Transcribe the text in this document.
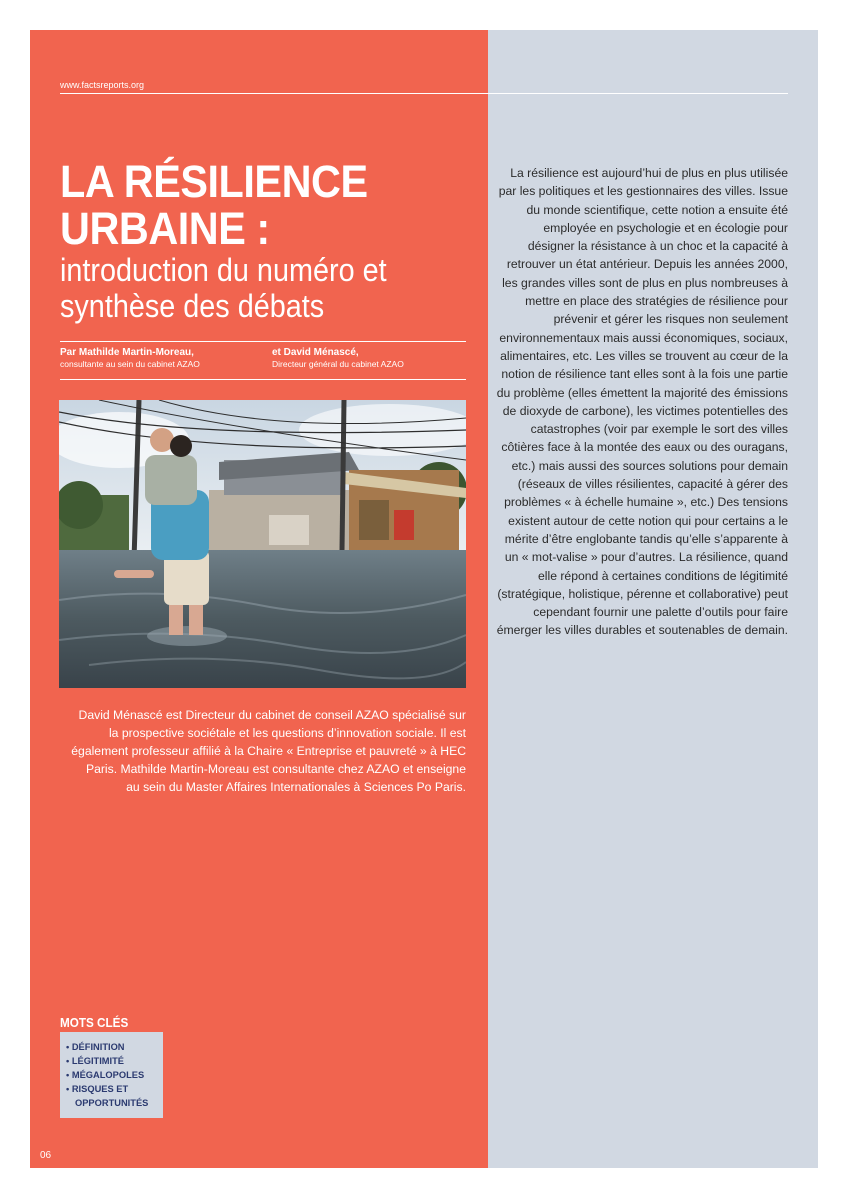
www.factsreports.org
LA RÉSILIENCE URBAINE :
introduction du numéro et synthèse des débats
Par Mathilde Martin-Moreau,
consultante au sein du cabinet AZAO
et David Ménascé,
Directeur général du cabinet AZAO

David Ménascé est Directeur du cabinet de conseil AZAO spécialisé sur la prospective sociétale et les questions d’innovation sociale. Il est également professeur affilié à la Chaire « Entreprise et pauvreté » à HEC Paris. Mathilde Martin-Moreau est consultante chez AZAO et enseigne au sein du Master Affaires Internationales à Sciences Po Paris.

La résilience est aujourd’hui de plus en plus utilisée par les politiques et les gestionnaires des villes. Issue du monde scientifique, cette notion a ensuite été employée en psychologie et en écologie pour désigner la résistance à un choc et la capacité à retrouver un état antérieur. Depuis les années 2000, les grandes villes sont de plus en plus nombreuses à mettre en place des stratégies de résilience pour prévenir et gérer les risques non seulement environnementaux mais aussi économiques, sociaux, alimentaires, etc. Les villes se trouvent au cœur de la notion de résilience tant elles sont à la fois une partie du problème (elles émettent la majorité des émissions de dioxyde de carbone), les victimes potentielles des catastrophes (voir par exemple le sort des villes côtières face à la montée des eaux ou des ouragans, etc.) mais aussi des sources solutions pour demain (réseaux de villes résilientes, capacité à gérer des problèmes « à échelle humaine », etc.) Des tensions existent autour de cette notion qui pour certains a le mérite d’être englobante tandis qu’elle s’apparente à un « mot-valise » pour d’autres. La résilience, quand elle répond à certaines conditions de légitimité (stratégique, holistique, pérenne et collaborative) peut cependant fournir une palette d’outils pour faire émerger les villes durables et soutenables de demain.

MOTS CLÉS
• DÉFINITION
• LÉGITIMITÉ
• MÉGALOPOLES
• RISQUES ET OPPORTUNITÉS
06
